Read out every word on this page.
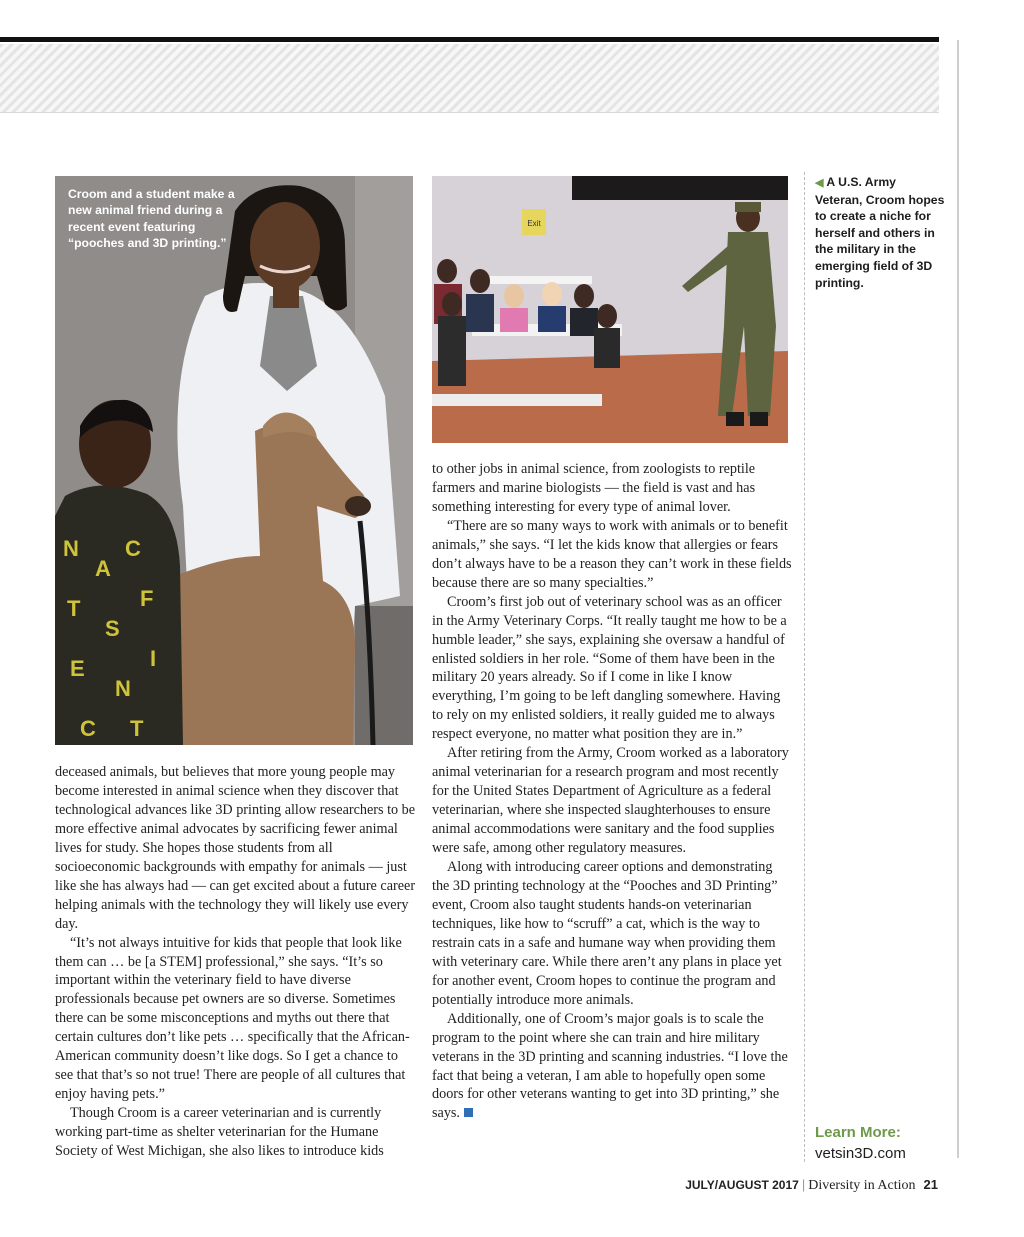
N
A
C
T
S
F
E
N
I
C T
Croom and a student make a new animal friend during a recent event featuring “pooches and 3D printing.”
Exit
◀ A U.S. Army Veteran, Croom hopes to create a niche for herself and others in the military in the emerging field of 3D printing.

deceased animals, but believes that more young people may become interested in animal science when they discover that technological advances like 3D printing allow researchers to be more effective animal advocates by sacrificing fewer animal lives for study. She hopes those students from all socioeconomic backgrounds with empathy for animals — just like she has always had — can get excited about a future career helping animals with the technology they will likely use every day.

“It’s not always intuitive for kids that people that look like them can … be [a STEM] professional,” she says. “It’s so important within the veterinary field to have diverse professionals because pet owners are so diverse. Sometimes there can be some misconceptions and myths out there that certain cultures don’t like pets … specifically that the African-American community doesn’t like dogs. So I get a chance to see that that’s so not true! There are people of all cultures that enjoy having pets.”

Though Croom is a career veterinarian and is currently working part-time as shelter veterinarian for the Humane Society of West Michigan, she also likes to introduce kids

to other jobs in animal science, from zoologists to reptile farmers and marine biologists — the field is vast and has something interesting for every type of animal lover.

“There are so many ways to work with animals or to benefit animals,” she says. “I let the kids know that allergies or fears don’t always have to be a reason they can’t work in these fields because there are so many specialties.”

Croom’s first job out of veterinary school was as an officer in the Army Veterinary Corps. “It really taught me how to be a humble leader,” she says, explaining she oversaw a handful of enlisted soldiers in her role. “Some of them have been in the military 20 years already. So if I come in like I know everything, I’m going to be left dangling somewhere. Having to rely on my enlisted soldiers, it really guided me to always respect everyone, no matter what position they are in.”

After retiring from the Army, Croom worked as a laboratory animal veterinarian for a research program and most recently for the United States Department of Agriculture as a federal veterinarian, where she inspected slaughterhouses to ensure animal accommodations were sanitary and the food supplies were safe, among other regulatory measures.

Along with introducing career options and demonstrating the 3D printing technology at the “Pooches and 3D Printing” event, Croom also taught students hands-on veterinarian techniques, like how to “scruff” a cat, which is the way to restrain cats in a safe and humane way when providing them with veterinary care. While there aren’t any plans in place yet for another event, Croom hopes to continue the program and potentially introduce more animals.

Additionally, one of Croom’s major goals is to scale the program to the point where she can train and hire military veterans in the 3D printing and scanning industries. “I love the fact that being a veteran, I am able to hopefully open some doors for other veterans wanting to get into 3D printing,” she says.

Learn More:
vetsin3D.com
JULY/AUGUST 2017 | Diversity in Action 21
